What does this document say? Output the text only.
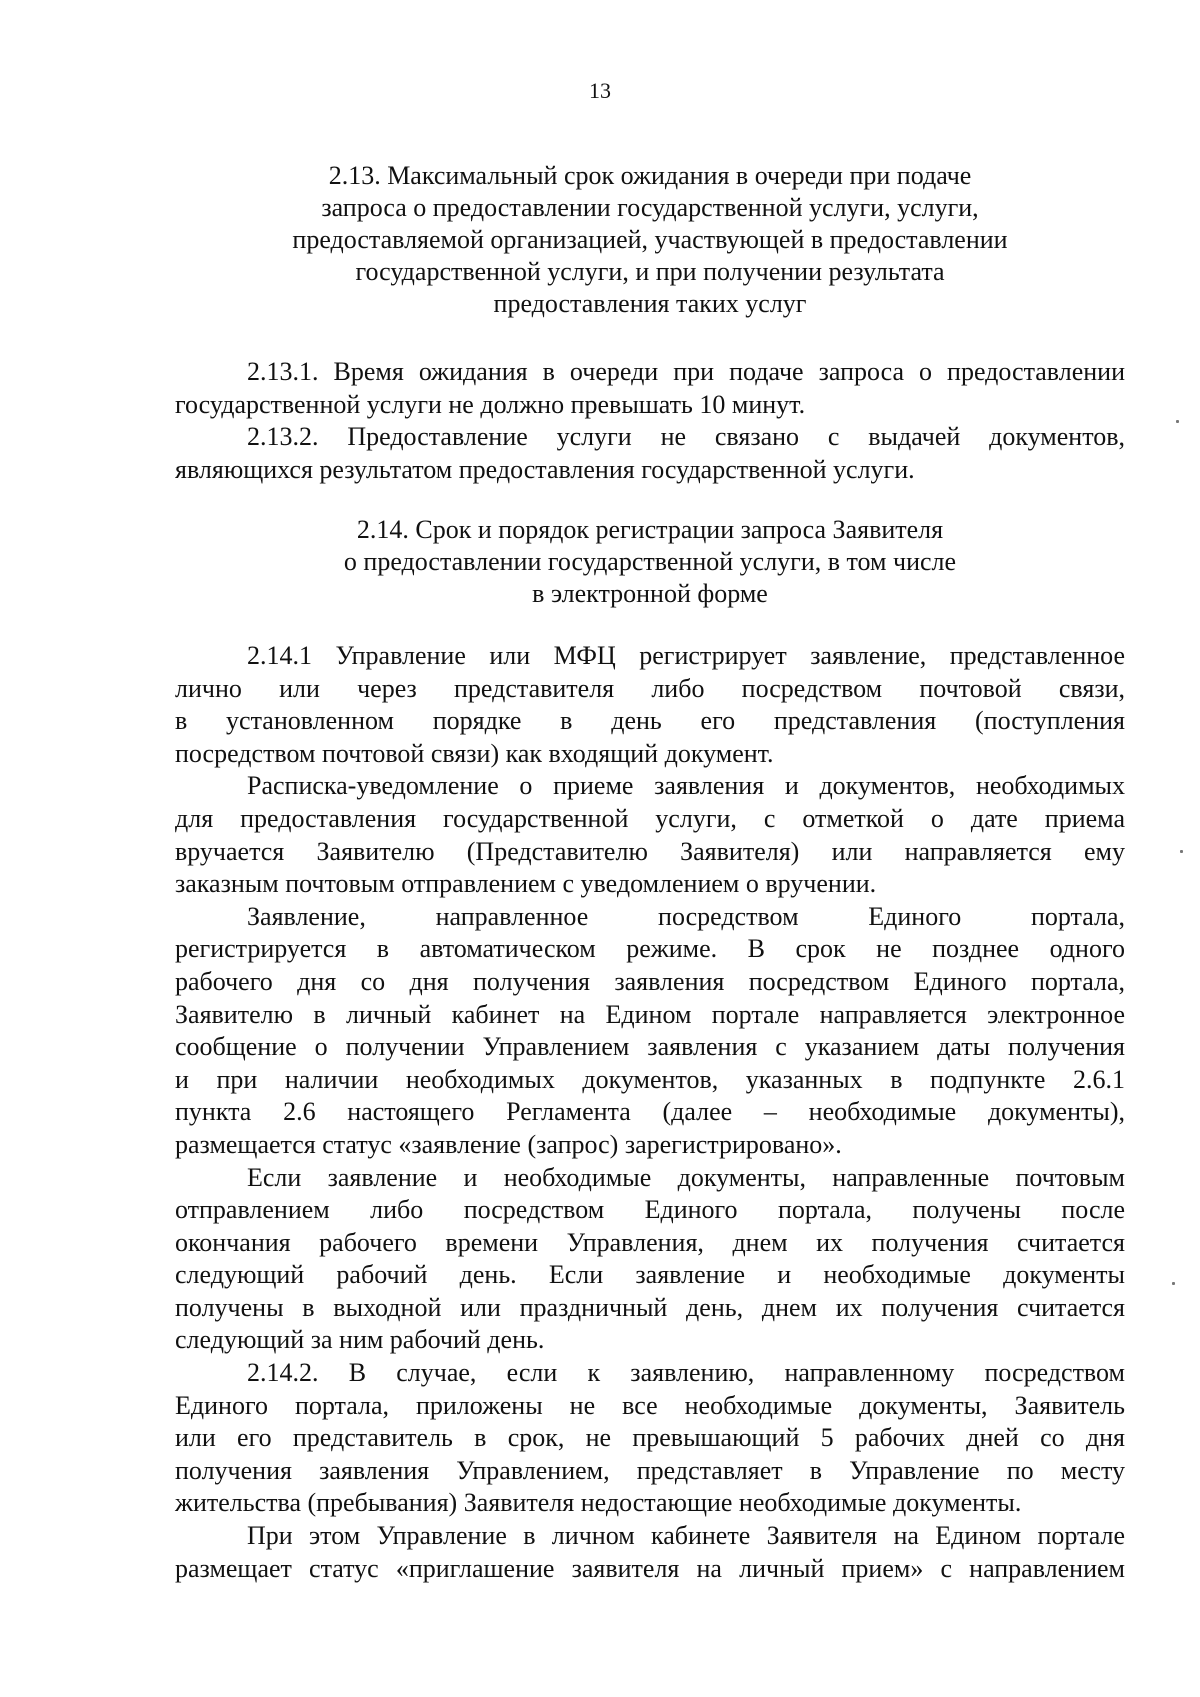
13
2.13. Максимальный срок ожидания в очереди при подаче
запроса о предоставлении государственной услуги, услуги,
предоставляемой организацией, участвующей в предоставлении
государственной услуги, и при получении результата
предоставления таких услуг
2.13.1. Время ожидания в очереди при подаче запроса о предоставлении
государственной услуги не должно превышать 10 минут.
2.13.2. Предоставление услуги не связано с выдачей документов,
являющихся результатом предоставления государственной услуги.
2.14. Срок и порядок регистрации запроса Заявителя
о предоставлении государственной услуги, в том числе
в электронной форме
2.14.1 Управление или МФЦ регистрирует заявление, представленное
лично или через представителя либо посредством почтовой связи,
в установленном порядке в день его представления (поступления
посредством почтовой связи) как входящий документ.
Расписка-уведомление о приеме заявления и документов, необходимых
для предоставления государственной услуги, с отметкой о дате приема
вручается Заявителю (Представителю Заявителя) или направляется ему
заказным почтовым отправлением с уведомлением о вручении.
Заявление, направленное посредством Единого портала,
регистрируется в автоматическом режиме. В срок не позднее одного
рабочего дня со дня получения заявления посредством Единого портала,
Заявителю в личный кабинет на Едином портале направляется электронное
сообщение о получении Управлением заявления с указанием даты получения
и при наличии необходимых документов, указанных в подпункте 2.6.1
пункта 2.6 настоящего Регламента (далее – необходимые документы),
размещается статус «заявление (запрос) зарегистрировано».
Если заявление и необходимые документы, направленные почтовым
отправлением либо посредством Единого портала, получены после
окончания рабочего времени Управления, днем их получения считается
следующий рабочий день. Если заявление и необходимые документы
получены в выходной или праздничный день, днем их получения считается
следующий за ним рабочий день.
2.14.2. В случае, если к заявлению, направленному посредством
Единого портала, приложены не все необходимые документы, Заявитель
или его представитель в срок, не превышающий 5 рабочих дней со дня
получения заявления Управлением, представляет в Управление по месту
жительства (пребывания) Заявителя недостающие необходимые документы.
При этом Управление в личном кабинете Заявителя на Едином портале
размещает статус «приглашение заявителя на личный прием» с направлением
